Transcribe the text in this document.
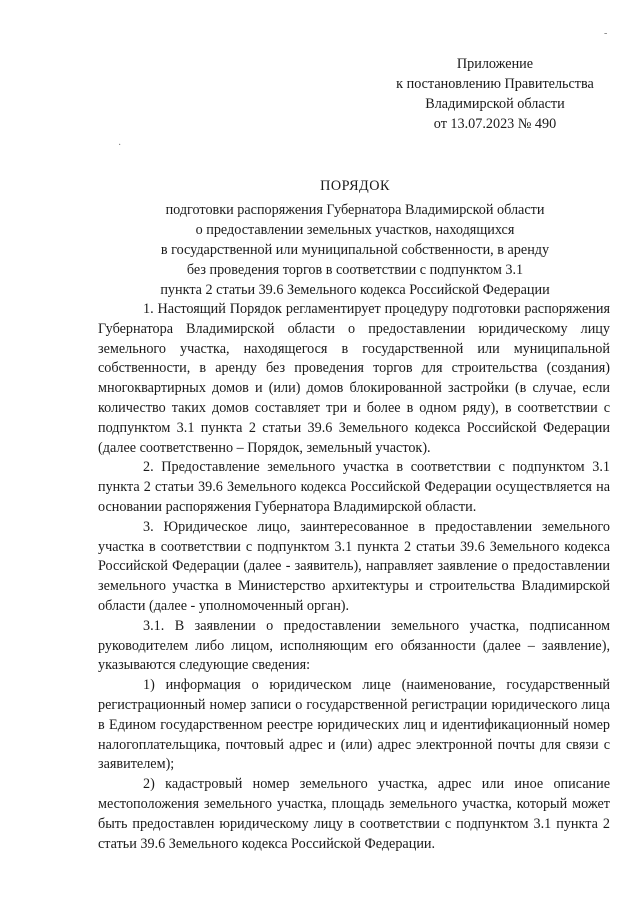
-
·
Приложение
к постановлению Правительства
Владимирской области
от 13.07.2023 № 490
ПОРЯДОК
подготовки распоряжения Губернатора Владимирской области
о предоставлении земельных участков, находящихся
в государственной или муниципальной собственности, в аренду
без проведения торгов в соответствии с подпунктом 3.1
пункта 2 статьи 39.6 Земельного кодекса Российской Федерации

1. Настоящий Порядок регламентирует процедуру подготовки распоряжения Губернатора Владимирской области о предоставлении юридическому лицу земельного участка, находящегося в государственной или муниципальной собственности, в аренду без проведения торгов для строительства (создания) многоквартирных домов и (или) домов блокированной застройки (в случае, если количество таких домов составляет три и более в одном ряду), в соответствии с подпунктом 3.1 пункта 2 статьи 39.6 Земельного кодекса Российской Федерации (далее соответственно – Порядок, земельный участок).

2. Предоставление земельного участка в соответствии с подпунктом 3.1 пункта 2 статьи 39.6 Земельного кодекса Российской Федерации осуществляется на основании распоряжения Губернатора Владимирской области.

3. Юридическое лицо, заинтересованное в предоставлении земельного участка в соответствии с подпунктом 3.1 пункта 2 статьи 39.6 Земельного кодекса Российской Федерации (далее - заявитель), направляет заявление о предоставлении земельного участка в Министерство архитектуры и строительства Владимирской области (далее - уполномоченный орган).

3.1. В заявлении о предоставлении земельного участка, подписанном руководителем либо лицом, исполняющим его обязанности (далее – заявление), указываются следующие сведения:

1) информация о юридическом лице (наименование, государственный регистрационный номер записи о государственной регистрации юридического лица в Едином государственном реестре юридических лиц и идентификационный номер налогоплательщика, почтовый адрес и (или) адрес электронной почты для связи с заявителем);

2) кадастровый номер земельного участка, адрес или иное описание местоположения земельного участка, площадь земельного участка, который может быть предоставлен юридическому лицу в соответствии с подпунктом 3.1 пункта 2 статьи 39.6 Земельного кодекса Российской Федерации.
